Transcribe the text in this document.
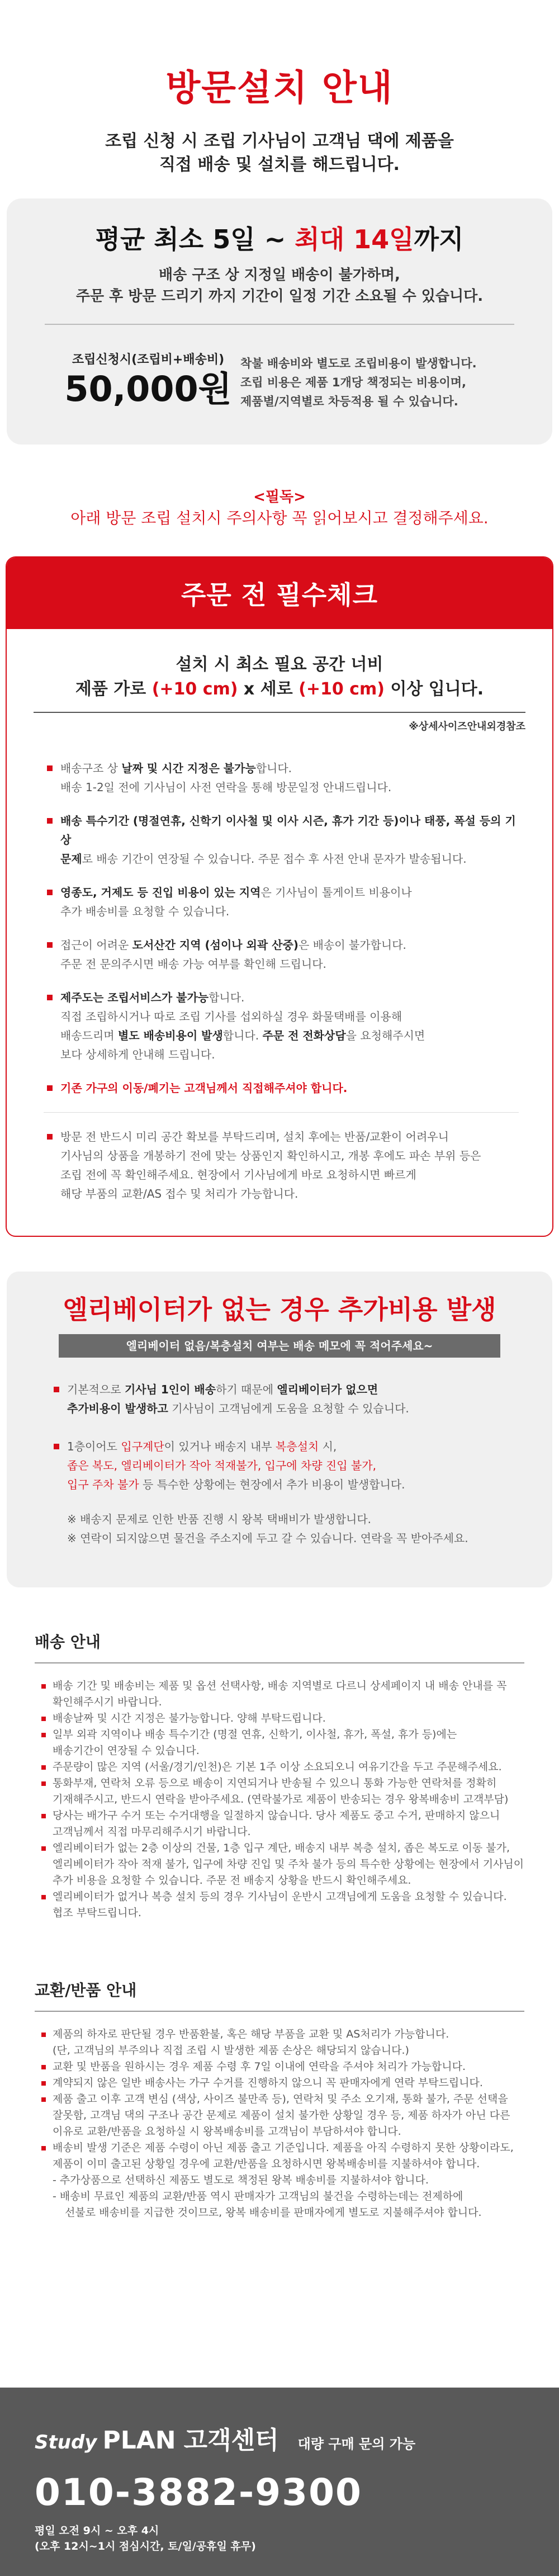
방문설치 안내
조립 신청 시 조립 기사님이 고객님 댁에 제품을
직접 배송 및 설치를 해드립니다.
평균 최소 5일 ~ 최대 14일까지
배송 구조 상 지정일 배송이 불가하며,
주문 후 방문 드리기 까지 기간이 일정 기간 소요될 수 있습니다.
조립신청시(조립비+배송비)
50,000원
착불 배송비와 별도로 조립비용이 발생합니다.
조립 비용은 제품 1개당 책정되는 비용이며,
제품별/지역별로 차등적용 될 수 있습니다.
<필독>
아래 방문 조립 설치시 주의사항 꼭 읽어보시고 결정해주세요.
주문 전 필수체크
설치 시 최소 필요 공간 너비
제품 가로 (+10 cm) x 세로 (+10 cm) 이상 입니다.
※상세사이즈안내외경참조
배송구조 상 날짜 및 시간 지정은 불가능합니다.
배송 1-2일 전에 기사님이 사전 연락을 통해 방문일정 안내드립니다.
배송 특수기간 (명절연휴, 신학기 이사철 및 이사 시즌, 휴가 기간 등)이나 태풍, 폭설 등의 기상
문제로 배송 기간이 연장될 수 있습니다. 주문 접수 후 사전 안내 문자가 발송됩니다.
영종도, 거제도 등 진입 비용이 있는 지역은 기사님이 톨게이트 비용이나
추가 배송비를 요청할 수 있습니다.
접근이 어려운 도서산간 지역 (섬이나 외곽 산중)은 배송이 불가합니다.
주문 전 문의주시면 배송 가능 여부를 확인해 드립니다.
제주도는 조립서비스가 불가능합니다.
직접 조립하시거나 따로 조립 기사를 섭외하실 경우 화물택배를 이용해
배송드리며 별도 배송비용이 발생합니다. 주문 전 전화상담을 요청해주시면
보다 상세하게 안내해 드립니다.
기존 가구의 이동/폐기는 고객님께서 직접해주셔야 합니다.
방문 전 반드시 미리 공간 확보를 부탁드리며, 설치 후에는 반품/교환이 어려우니
기사님의 상품을 개봉하기 전에 맞는 상품인지 확인하시고, 개봉 후에도 파손 부위 등은
조립 전에 꼭 확인해주세요. 현장에서 기사님에게 바로 요청하시면 빠르게
해당 부품의 교환/AS 접수 및 처리가 가능합니다.
엘리베이터가 없는 경우 추가비용 발생
엘리베이터 없음/복층설치 여부는 배송 메모에 꼭 적어주세요~
기본적으로 기사님 1인이 배송하기 때문에 엘리베이터가 없으면
추가비용이 발생하고 기사님이 고객님에게 도움을 요청할 수 있습니다.
1층이어도 입구계단이 있거나 배송지 내부 복층설치 시,
좁은 복도, 엘리베이터가 작아 적재불가, 입구에 차량 진입 불가,
입구 주차 불가 등 특수한 상황에는 현장에서 추가 비용이 발생합니다.
※ 배송지 문제로 인한 반품 진행 시 왕복 택배비가 발생합니다.
※ 연락이 되지않으면 물건을 주소지에 두고 갈 수 있습니다. 연락을 꼭 받아주세요.
배송 안내
배송 기간 및 배송비는 제품 및 옵션 선택사항, 배송 지역별로 다르니 상세페이지 내 배송 안내를 꼭
확인해주시기 바랍니다.
배송날짜 및 시간 지정은 불가능합니다. 양해 부탁드립니다.
일부 외곽 지역이나 배송 특수기간 (명절 연휴, 신학기, 이사철, 휴가, 폭설, 휴가 등)에는
배송기간이 연장될 수 있습니다.
주문량이 많은 지역 (서울/경기/인천)은 기본 1주 이상 소요되오니 여유기간을 두고 주문해주세요.
통화부재, 연락처 오류 등으로 배송이 지연되거나 반송될 수 있으니 통화 가능한 연락처를 정확히
기재해주시고, 반드시 연락을 받아주세요. (연락불가로 제품이 반송되는 경우 왕복배송비 고객부담)
당사는 배가구 수거 또는 수거대행을 일절하지 않습니다. 당사 제품도 중고 수거, 판매하지 않으니
고객님께서 직접 마무리해주시기 바랍니다.
엘리베이터가 없는 2층 이상의 건물, 1층 입구 계단, 배송지 내부 복층 설치, 좁은 복도로 이동 불가,
엘리베이터가 작아 적재 불가, 입구에 차량 진입 및 주차 불가 등의 특수한 상황에는 현장에서 기사님이
추가 비용을 요청할 수 있습니다. 주문 전 배송지 상황을 반드시 확인해주세요.
엘리베이터가 없거나 복층 설치 등의 경우 기사님이 운반시 고객님에게 도움을 요청할 수 있습니다.
협조 부탁드립니다.
교환/반품 안내
제품의 하자로 판단될 경우 반품환불, 혹은 해당 부품을 교환 및 AS처리가 가능합니다.
(단, 고객님의 부주의나 직접 조립 시 발생한 제품 손상은 해당되지 않습니다.)
교환 및 반품을 원하시는 경우 제품 수령 후 7일 이내에 연락을 주셔야 처리가 가능합니다.
계약되지 않은 일반 배송사는 가구 수거를 진행하지 않으니 꼭 판매자에게 연락 부탁드립니다.
제품 출고 이후 고객 변심 (색상, 사이즈 불만족 등), 연락처 및 주소 오기재, 통화 불가, 주문 선택을
잘못함, 고객님 댁의 구조나 공간 문제로 제품이 설치 불가한 상황일 경우 등, 제품 하자가 아닌 다른
이유로 교환/반품을 요청하실 시 왕복배송비를 고객님이 부담하셔야 합니다.
배송비 발생 기준은 제품 수령이 아닌 제품 출고 기준입니다. 제품을 아직 수령하지 못한 상황이라도,
제품이 이미 출고된 상황일 경우에 교환/반품을 요청하시면 왕복배송비를 지불하셔야 합니다.
- 추가상품으로 선택하신 제품도 별도로 책정된 왕복 배송비를 지불하셔야 합니다.
- 배송비 무료인 제품의 교환/반품 역시 판매자가 고객님의 불건을 수령하는데는 전제하에
선불로 배송비를 지급한 것이므로, 왕복 배송비를 판매자에게 별도로 지불해주셔야 합니다.
Study PLAN 고객센터 대량 구매 문의 가능
010-3882-9300
평일 오전 9시 ~ 오후 4시
(오후 12시~1시 점심시간, 토/일/공휴일 휴무)
